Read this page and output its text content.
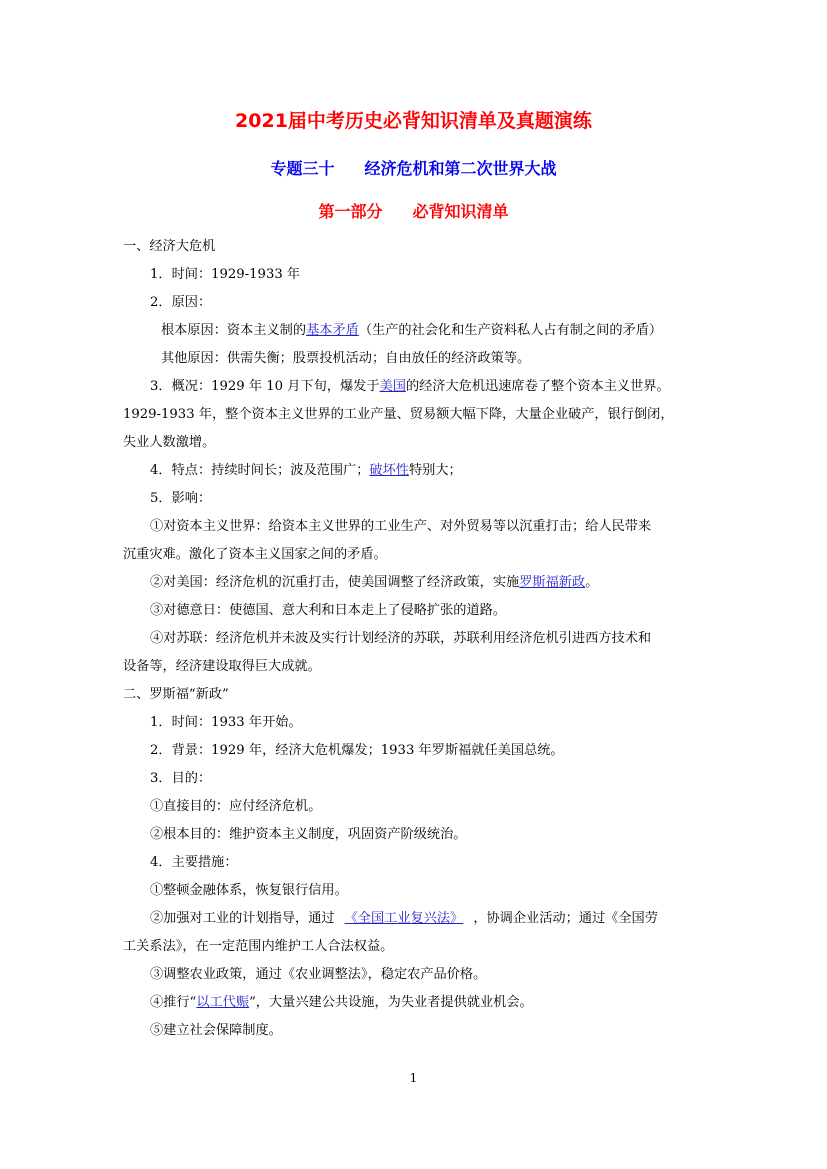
2021届中考历史必背知识清单及真题演练
专题三十 经济危机和第二次世界大战
第一部分 必背知识清单
一、经济大危机
1．时间：1929-1933 年
2．原因：
根本原因：资本主义制的基本矛盾（生产的社会化和生产资料私人占有制之间的矛盾）
其他原因：供需失衡；股票投机活动；自由放任的经济政策等。
3．概况：1929 年 10 月下旬，爆发于美国的经济大危机迅速席卷了整个资本主义世界。
1929-1933 年，整个资本主义世界的工业产量、贸易额大幅下降，大量企业破产，银行倒闭，
失业人数激增。
4．特点：持续时间长；波及范围广；破坏性特别大；
5．影响：
①对资本主义世界：给资本主义世界的工业生产、对外贸易等以沉重打击；给人民带来
沉重灾难。激化了资本主义国家之间的矛盾。
②对美国：经济危机的沉重打击，使美国调整了经济政策，实施罗斯福新政。
③对德意日：使德国、意大利和日本走上了侵略扩张的道路。
④对苏联：经济危机并未波及实行计划经济的苏联，苏联利用经济危机引进西方技术和
设备等，经济建设取得巨大成就。
二、罗斯福“新政”
1．时间：1933 年开始。
2．背景：1929 年，经济大危机爆发；1933 年罗斯福就任美国总统。
3．目的：
①直接目的：应付经济危机。
②根本目的：维护资本主义制度，巩固资产阶级统治。
4．主要措施：
①整顿金融体系，恢复银行信用。
②加强对工业的计划指导，通过 《全国工业复兴法》 ，协调企业活动；通过《全国劳
工关系法》，在一定范围内维护工人合法权益。
③调整农业政策，通过《农业调整法》，稳定农产品价格。
④推行“以工代赈”，大量兴建公共设施，为失业者提供就业机会。
⑤建立社会保障制度。
1
